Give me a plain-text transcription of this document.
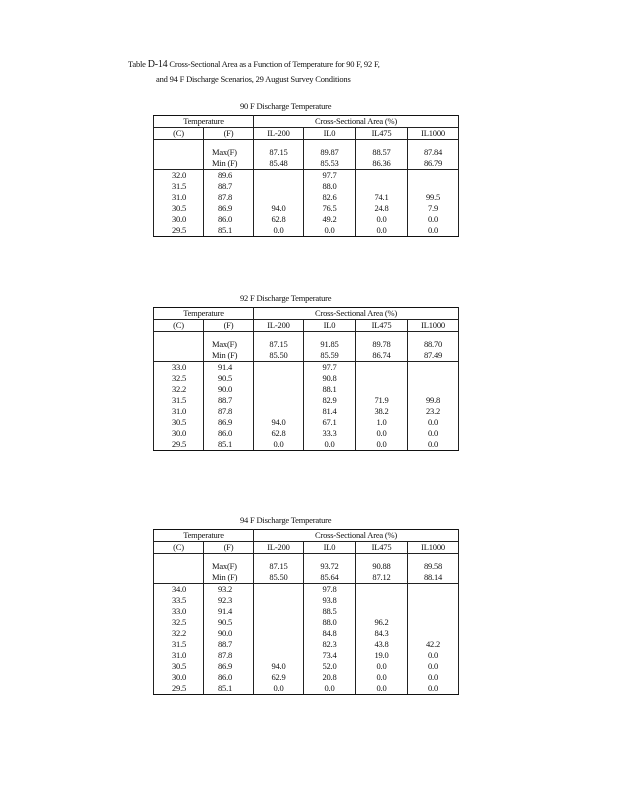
Table D-14 Cross-Sectional Area as a Function of Temperature for 90 F, 92 F,
and 94 F Discharge Scenarios, 29 August Survey Conditions
90 F Discharge Temperature
Temperature		Cross-Sectional Area (%)			
(C)	(F)	IL-200	IL0	IL475	IL1000

	Max(F)	87.15	89.87	88.57	87.84
	Min (F)	85.48	85.53	86.36	86.79
32.0	89.6		97.7		
31.5	88.7		88.0		
31.0	87.8		82.6	74.1	99.5
30.5	86.9	94.0	76.5	24.8	7.9
30.0	86.0	62.8	49.2	0.0	0.0
29.5	85.1	0.0	0.0	0.0	0.0
92 F Discharge Temperature
Temperature		Cross-Sectional Area (%)			
(C)	(F)	IL-200	IL0	IL475	IL1000

	Max(F)	87.15	91.85	89.78	88.70
	Min (F)	85.50	85.59	86.74	87.49
33.0	91.4		97.7		
32.5	90.5		90.8		
32.2	90.0		88.1		
31.5	88.7		82.9	71.9	99.8
31.0	87.8		81.4	38.2	23.2
30.5	86.9	94.0	67.1	1.0	0.0
30.0	86.0	62.8	33.3	0.0	0.0
29.5	85.1	0.0	0.0	0.0	0.0
94 F Discharge Temperature
Temperature		Cross-Sectional Area (%)			
(C)	(F)	IL-200	IL0	IL475	IL1000

	Max(F)	87.15	93.72	90.88	89.58
	Min (F)	85.50	85.64	87.12	88.14
34.0	93.2		97.8		
33.5	92.3		93.8		
33.0	91.4		88.5		
32.5	90.5		88.0	96.2	
32.2	90.0		84.8	84.3	
31.5	88.7		82.3	43.8	42.2
31.0	87.8		73.4	19.0	0.0
30.5	86.9	94.0	52.0	0.0	0.0
30.0	86.0	62.9	20.8	0.0	0.0
29.5	85.1	0.0	0.0	0.0	0.0
